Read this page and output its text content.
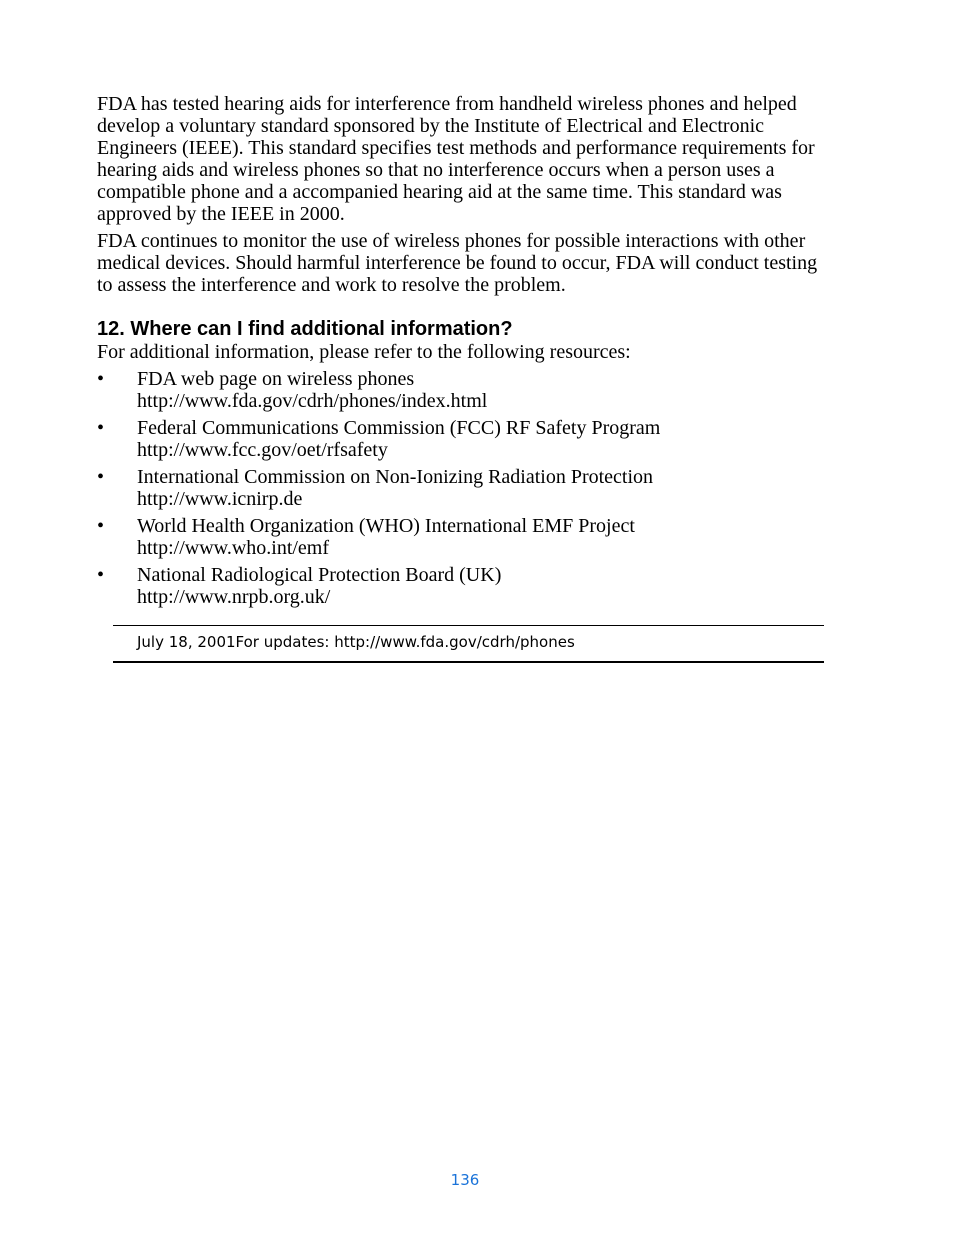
FDA has tested hearing aids for interference from handheld wireless phones and helped develop a voluntary standard sponsored by the Institute of Electrical and Electronic Engineers (IEEE). This standard specifies test methods and performance requirements for hearing aids and wireless phones so that no interference occurs when a person uses a compatible phone and a accompanied hearing aid at the same time. This standard was approved by the IEEE in 2000.

FDA continues to monitor the use of wireless phones for possible interactions with other medical devices. Should harmful interference be found to occur, FDA will conduct testing to assess the interference and work to resolve the problem.

12. Where can I find additional information?

For additional information, please refer to the following resources:

• FDA web page on wireless phones
http://www.fda.gov/cdrh/phones/index.html
• Federal Communications Commission (FCC) RF Safety Program
http://www.fcc.gov/oet/rfsafety
• International Commission on Non-Ionizing Radiation Protection
http://www.icnirp.de
• World Health Organization (WHO) International EMF Project
http://www.who.int/emf
• National Radiological Protection Board (UK)
http://www.nrpb.org.uk/
July 18, 2001For updates: http://www.fda.gov/cdrh/phones
136
